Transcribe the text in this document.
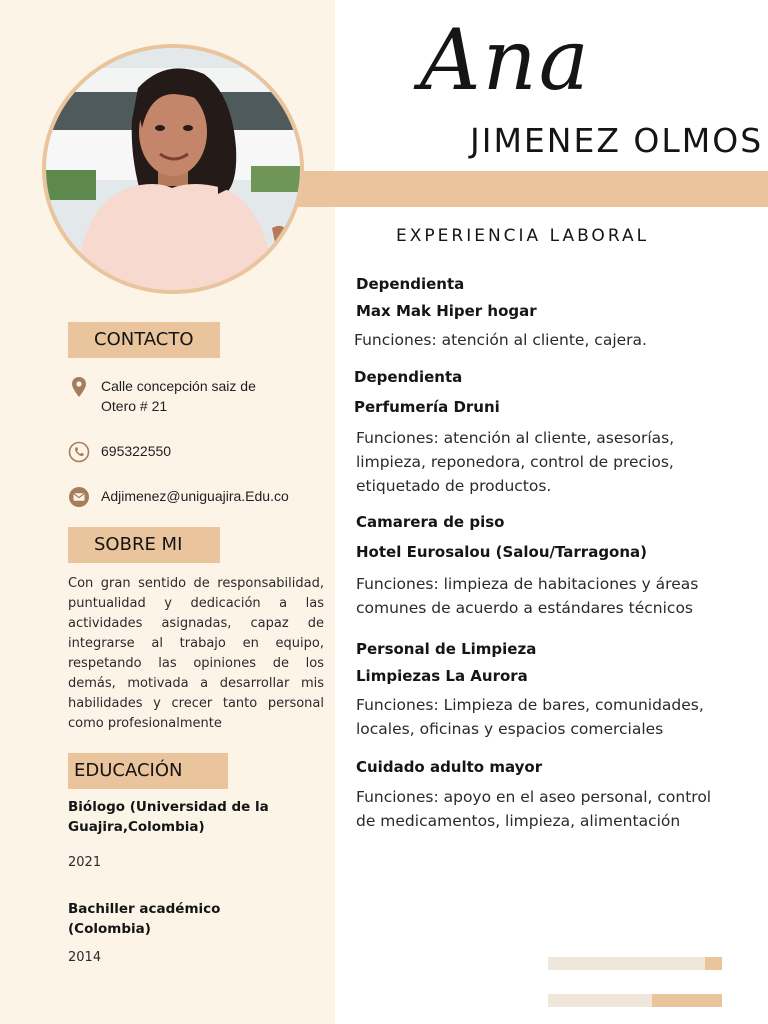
Ana
JIMENEZ OLMOS
CONTACTO
Calle concepción saiz de Otero # 21
695322550
Adjimenez@uniguajira.Edu.co
SOBRE MI
Con gran sentido de responsabilidad, puntualidad y dedicación a las actividades asignadas, capaz de integrarse al trabajo en equipo, respetando las opiniones de los demás, motivada a desarrollar mis habilidades y crecer tanto personal como profesionalmente
EDUCACIÓN
Biólogo (Universidad de la Guajira,Colombia)
2021
Bachiller académico (Colombia)
2014
EXPERIENCIA LABORAL
Dependienta
Max Mak Hiper hogar
Funciones: atención al cliente, cajera.
Dependienta
Perfumería Druni
Funciones: atención al cliente, asesorías, limpieza, reponedora, control de precios, etiquetado de productos.
Camarera de piso
Hotel Eurosalou (Salou/Tarragona)
Funciones: limpieza de habitaciones y áreas comunes de acuerdo a estándares técnicos
Personal de Limpieza
Limpiezas La Aurora
Funciones: Limpieza de bares, comunidades, locales, oficinas y espacios comerciales
Cuidado adulto mayor
Funciones: apoyo en el aseo personal, control de medicamentos, limpieza, alimentación
